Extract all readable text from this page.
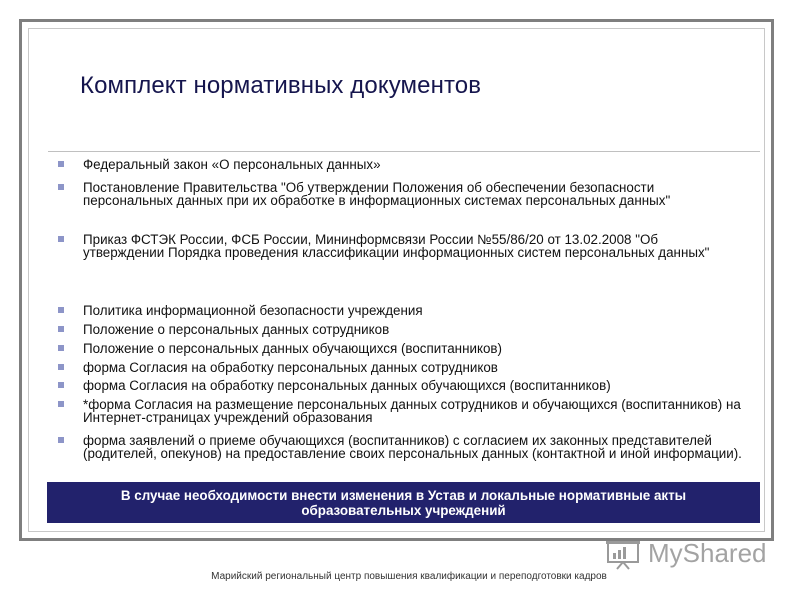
Комплект нормативных документов
Федеральный закон «О персональных данных»
Постановление Правительства "Об утверждении Положения об обеспечении безопасности персональных данных при их обработке в информационных системах персональных данных"
Приказ ФСТЭК России, ФСБ России, Мининформсвязи России №55/86/20 от 13.02.2008 "Об утверждении Порядка проведения классификации информационных систем персональных данных"
Политика информационной безопасности учреждения
Положение о персональных данных сотрудников
Положение о персональных данных обучающихся (воспитанников)
форма Согласия на обработку персональных данных сотрудников
форма Согласия на обработку персональных данных обучающихся (воспитанников)
*форма Согласия на размещение персональных данных сотрудников и обучающихся (воспитанников) на Интернет-страницах учреждений образования
форма заявлений о приеме обучающихся (воспитанников) с согласием их законных представителей (родителей, опекунов) на предоставление своих персональных данных (контактной и иной информации).
В случае необходимости внести изменения в Устав и локальные нормативные акты
образовательных учреждений
MyShared
Марийский региональный центр повышения квалификации и переподготовки кадров
